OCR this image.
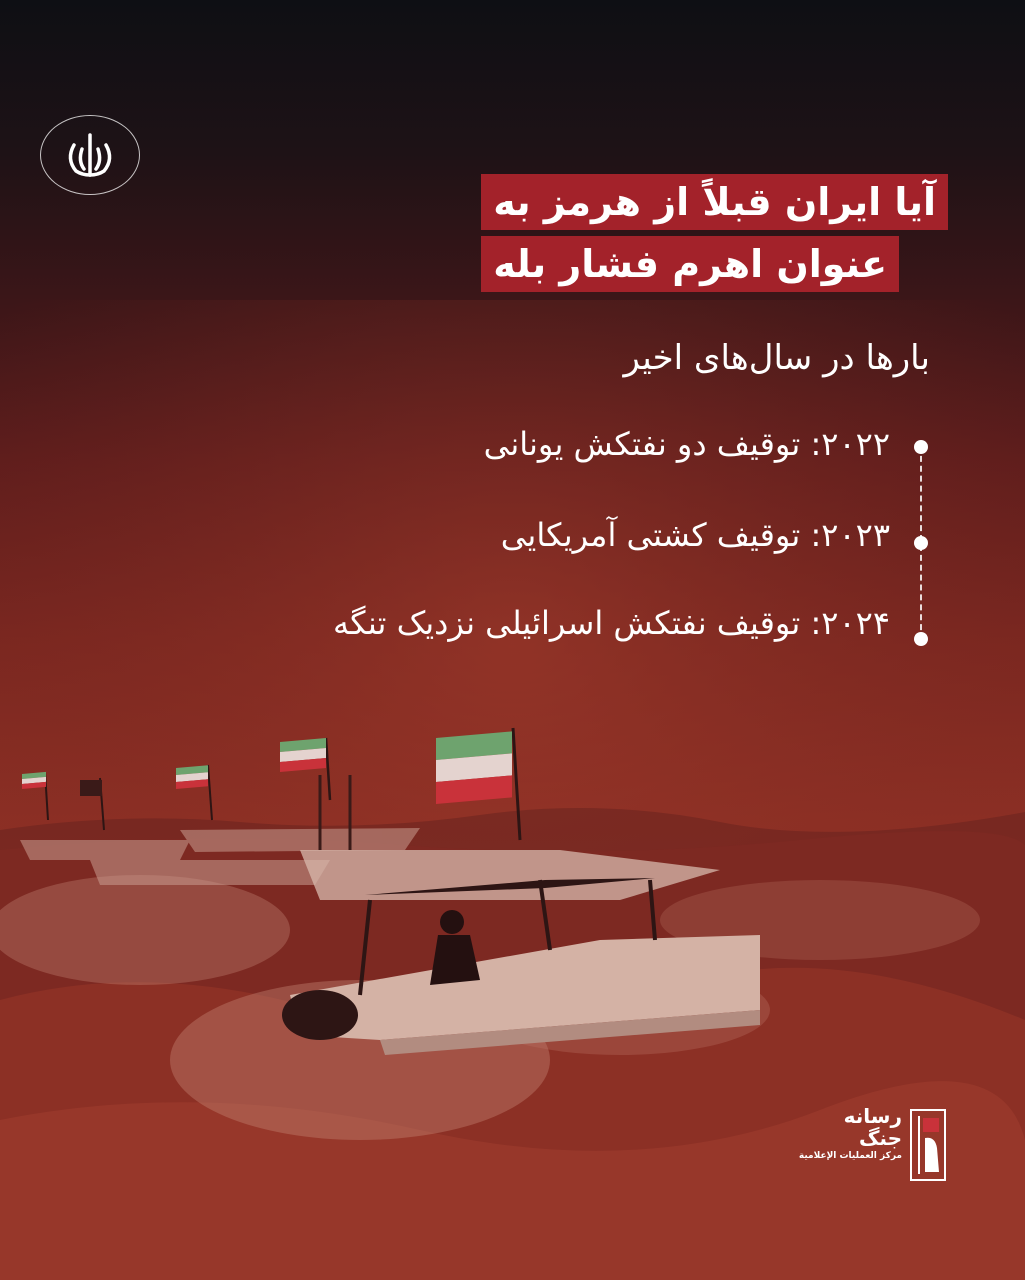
آیا ایران قبلاً از هرمز به
عنوان اهرم فشار بله
بارها در سال‌های اخیر
۲۰۲۲: توقیف دو نفتکش یونانی
۲۰۲۳: توقیف کشتی آمریکایی
۲۰۲۴: توقیف نفتکش اسرائیلی نزدیک تنگه
رسانه
جنگ
مركز العمليات الإعلامية
